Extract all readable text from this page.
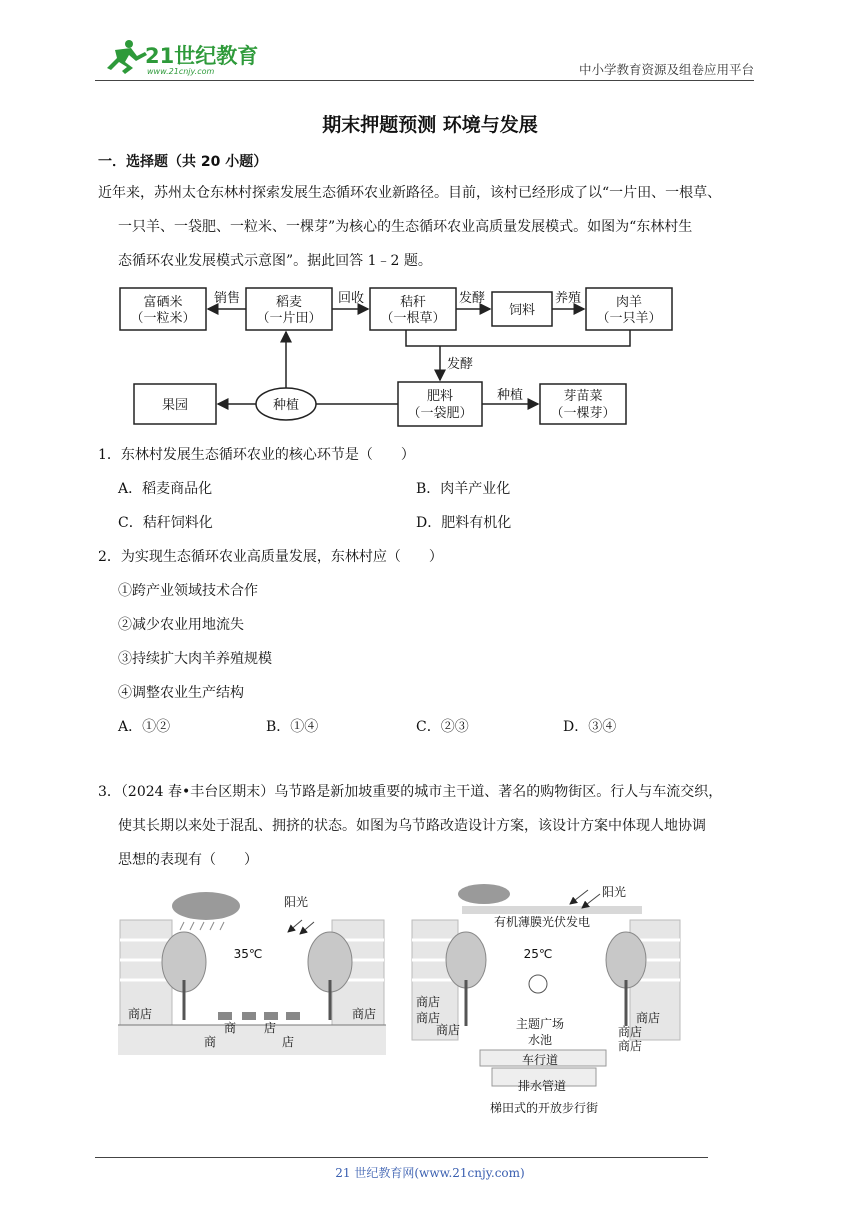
21世纪教育
www.21cnjy.com	中小学教育资源及组卷应用平台
期末押题预测 环境与发展
一．选择题（共 20 小题）
近年来，苏州太仓东林村探索发展生态循环农业新路径。目前，该村已经形成了以“一片田、一根草、
一只羊、一袋肥、一粒米、一棵芽”为核心的生态循环农业高质量发展模式。如图为“东林村生
态循环农业发展模式示意图”。据此回答 1﹣2 题。
富硒米
（一粒米）
稻麦
（一片田）
秸秆
（一根草）
饲料
肉羊
（一只羊）
果园	种植
肥料
（一袋肥）
芽苗菜
（一棵芽）
销售	回收	发酵	养殖
发酵
种植
1．东林村发展生态循环农业的核心环节是（　　）
A．稻麦商品化	B．肉羊产业化
C．秸秆饲料化	D．肥料有机化
2．为实现生态循环农业高质量发展，东林村应（　　）
①跨产业领域技术合作
②减少农业用地流失
③持续扩大肉羊养殖规模
④调整农业生产结构
A．①②	B．①④	C．②③	D．③④
3．（2024 春•丰台区期末）乌节路是新加坡重要的城市主干道、著名的购物街区。行人与车流交织，
使其长期以来处于混乱、拥挤的状态。如图为乌节路改造设计方案，该设计方案中体现人地协调
思想的表现有（　　）
阳光
35℃
商店	商店
商 店
商	店
阳光
有机薄膜光伏发电
25℃
商店
商店
商店
商店
商店
商店
主题广场
水池
车行道
排水管道
梯田式的开放步行街
21 世纪教育网(www.21cnjy.com)
